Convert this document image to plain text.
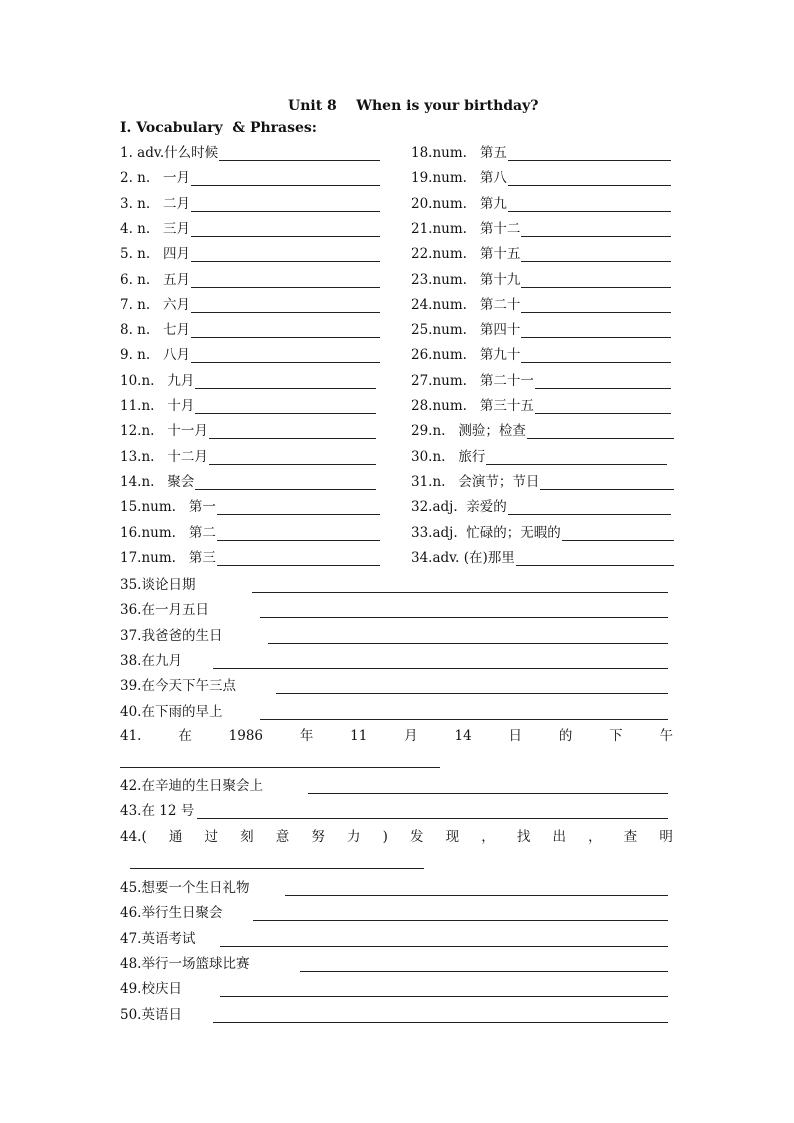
Unit 8    When is your birthday?
I. Vocabulary  & Phrases:
1. adv.什么时候
2. n.   一月
3. n.   二月
4. n.   三月
5. n.   四月
6. n.   五月
7. n.   六月
8. n.   七月
9. n.   八月
10.n.   九月
11.n.   十月
12.n.   十一月
13.n.   十二月
14.n.   聚会
15.num.   第一
16.num.   第二
17.num.   第三
18.num.   第五
19.num.   第八
20.num.   第九
21.num.   第十二
22.num.   第十五
23.num.   第十九
24.num.   第二十
25.num.   第四十
26.num.   第九十
27.num.   第二十一
28.num.   第三十五
29.n.   测验；检查
30.n.   旅行
31.n.   会演节；节日
32.adj.  亲爱的
33.adj.  忙碌的；无暇的
34.adv. (在)那里
35.谈论日期
36.在一月五日
37.我爸爸的生日
38.在九月
39.在今天下午三点
40.在下雨的早上
41.	在	1986	年	11	月	14	日	的	下	午
42.在辛迪的生日聚会上
43.在 12 号
44.( 通 过 刻 意 努 力 ) 发 现 ， 找 出 ， 查 明
45.想要一个生日礼物
46.举行生日聚会
47.英语考试
48.举行一场篮球比赛
49.校庆日
50.英语日
